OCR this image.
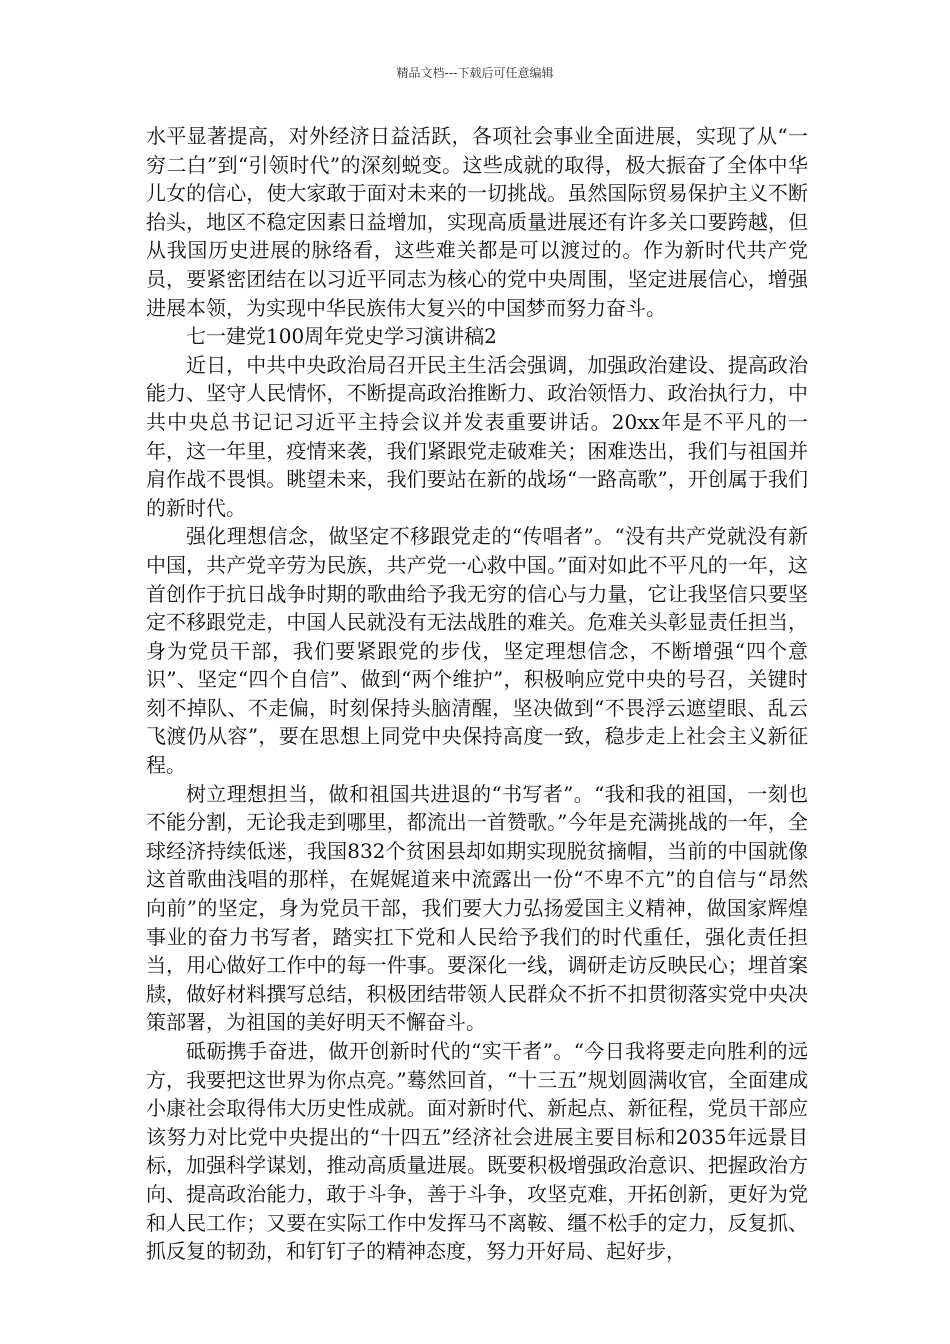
精品文档---下载后可任意编辑

水平显著提高，对外经济日益活跃，各项社会事业全面进展，实现了从“一穷二白”到“引领时代”的深刻蜕变。这些成就的取得，极大振奋了全体中华儿女的信心，使大家敢于面对未来的一切挑战。虽然国际贸易保护主义不断抬头，地区不稳定因素日益增加，实现高质量进展还有许多关口要跨越，但从我国历史进展的脉络看，这些难关都是可以渡过的。作为新时代共产党员，要紧密团结在以习近平同志为核心的党中央周围，坚定进展信心，增强进展本领，为实现中华民族伟大复兴的中国梦而努力奋斗。

七一建党100周年党史学习演讲稿2

近日，中共中央政治局召开民主生活会强调，加强政治建设、提高政治能力、坚守人民情怀，不断提高政治推断力、政治领悟力、政治执行力，中共中央总书记记习近平主持会议并发表重要讲话。20xx年是不平凡的一年，这一年里，疫情来袭，我们紧跟党走破难关；困难迭出，我们与祖国并肩作战不畏惧。眺望未来，我们要站在新的战场“一路高歌”，开创属于我们的新时代。

强化理想信念，做坚定不移跟党走的“传唱者”。“没有共产党就没有新中国，共产党辛劳为民族，共产党一心救中国。”面对如此不平凡的一年，这首创作于抗日战争时期的歌曲给予我无穷的信心与力量，它让我坚信只要坚定不移跟党走，中国人民就没有无法战胜的难关。危难关头彰显责任担当，身为党员干部，我们要紧跟党的步伐，坚定理想信念，不断增强“四个意识”、坚定“四个自信”、做到“两个维护”，积极响应党中央的号召，关键时刻不掉队、不走偏，时刻保持头脑清醒，坚决做到“不畏浮云遮望眼、乱云飞渡仍从容”，要在思想上同党中央保持高度一致，稳步走上社会主义新征程。

树立理想担当，做和祖国共进退的“书写者”。“我和我的祖国，一刻也不能分割，无论我走到哪里，都流出一首赞歌。”今年是充满挑战的一年，全球经济持续低迷，我国832个贫困县却如期实现脱贫摘帽，当前的中国就像这首歌曲浅唱的那样，在娓娓道来中流露出一份“不卑不亢”的自信与“昂然向前”的坚定，身为党员干部，我们要大力弘扬爱国主义精神，做国家辉煌事业的奋力书写者，踏实扛下党和人民给予我们的时代重任，强化责任担当，用心做好工作中的每一件事。要深化一线，调研走访反映民心；埋首案牍，做好材料撰写总结，积极团结带领人民群众不折不扣贯彻落实党中央决策部署，为祖国的美好明天不懈奋斗。

砥砺携手奋进，做开创新时代的“实干者”。“今日我将要走向胜利的远方，我要把这世界为你点亮。”蓦然回首，“十三五”规划圆满收官，全面建成小康社会取得伟大历史性成就。面对新时代、新起点、新征程，党员干部应该努力对比党中央提出的“十四五”经济社会进展主要目标和2035年远景目标，加强科学谋划，推动高质量进展。既要积极增强政治意识、把握政治方向、提高政治能力，敢于斗争，善于斗争，攻坚克难，开拓创新，更好为党和人民工作；又要在实际工作中发挥马不离鞍、缰不松手的定力，反复抓、抓反复的韧劲，和钉钉子的精神态度，努力开好局、起好步，
